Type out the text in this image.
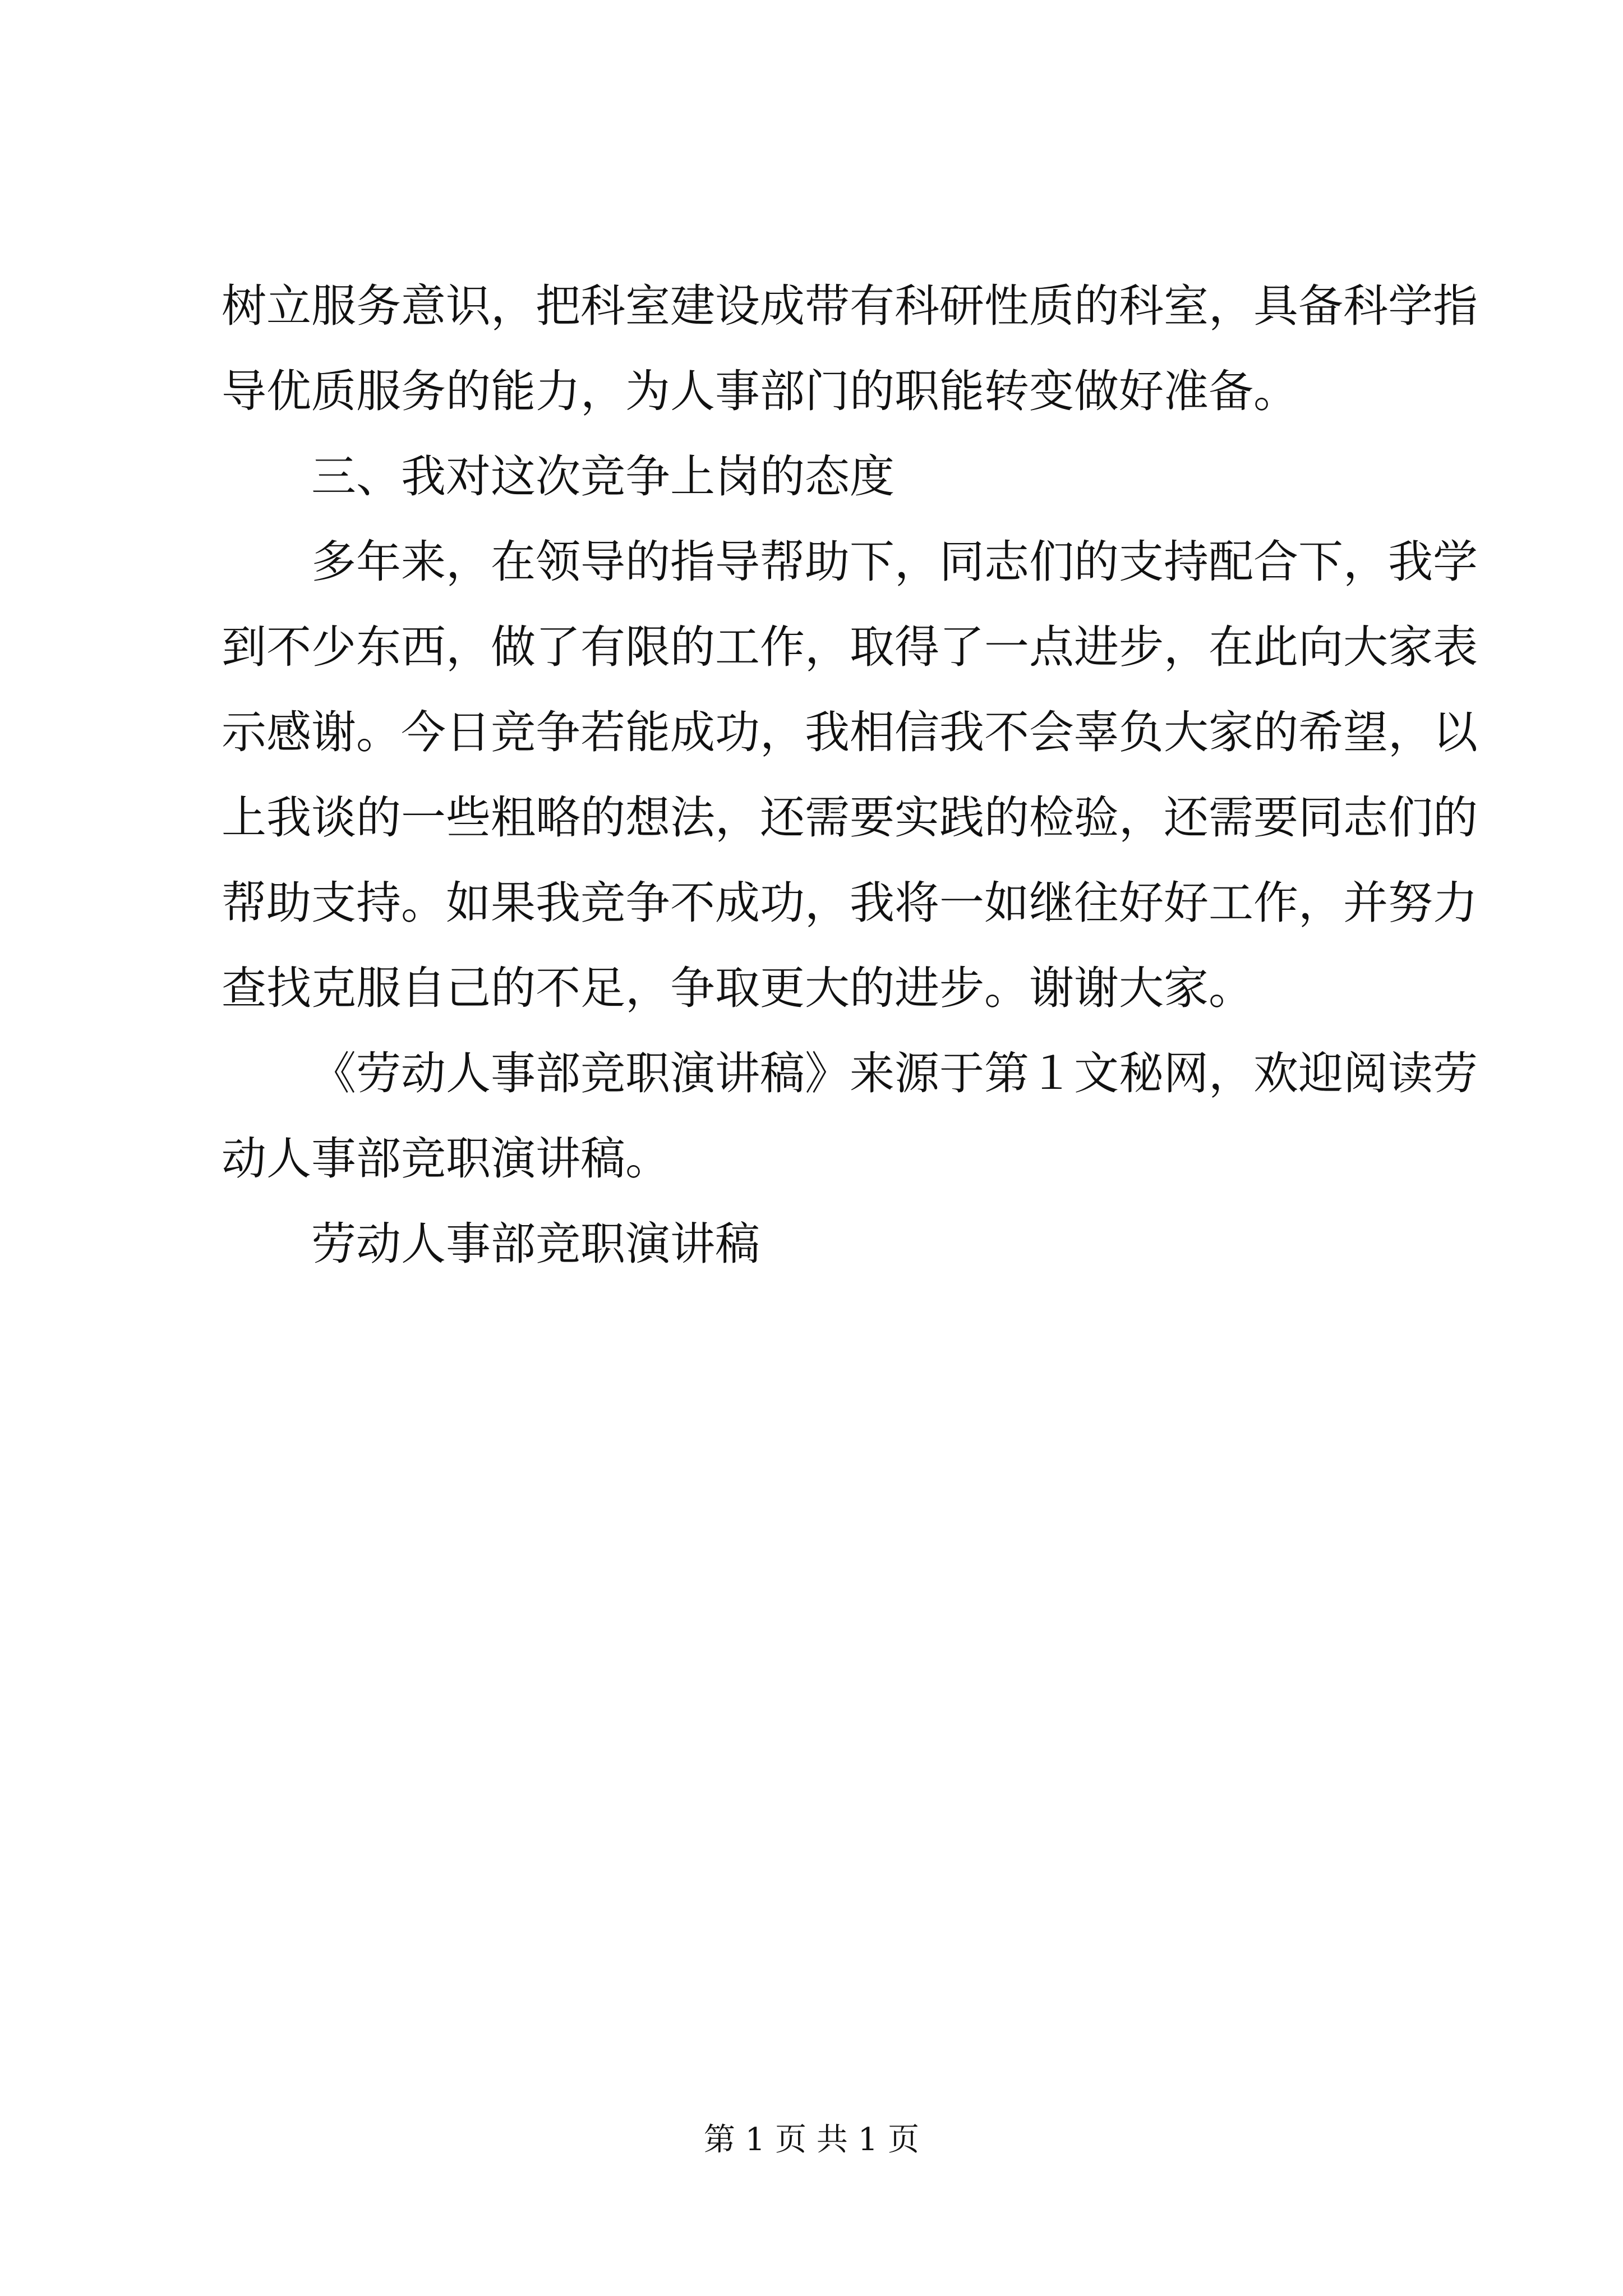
树立服务意识，把科室建设成带有科研性质的科室，具备科学指
导优质服务的能力，为人事部门的职能转变做好准备。
三、我对这次竞争上岗的态度
多年来，在领导的指导帮助下，同志们的支持配合下，我学
到不少东西，做了有限的工作，取得了一点进步，在此向大家表
示感谢。今日竞争若能成功，我相信我不会辜负大家的希望，以
上我谈的一些粗略的想法，还需要实践的检验，还需要同志们的
帮助支持。如果我竞争不成功，我将一如继往好好工作，并努力
查找克服自己的不足，争取更大的进步。谢谢大家。
《劳动人事部竞职演讲稿》来源于第１文秘网，欢迎阅读劳
动人事部竞职演讲稿。
劳动人事部竞职演讲稿
第 1 页 共 1 页
